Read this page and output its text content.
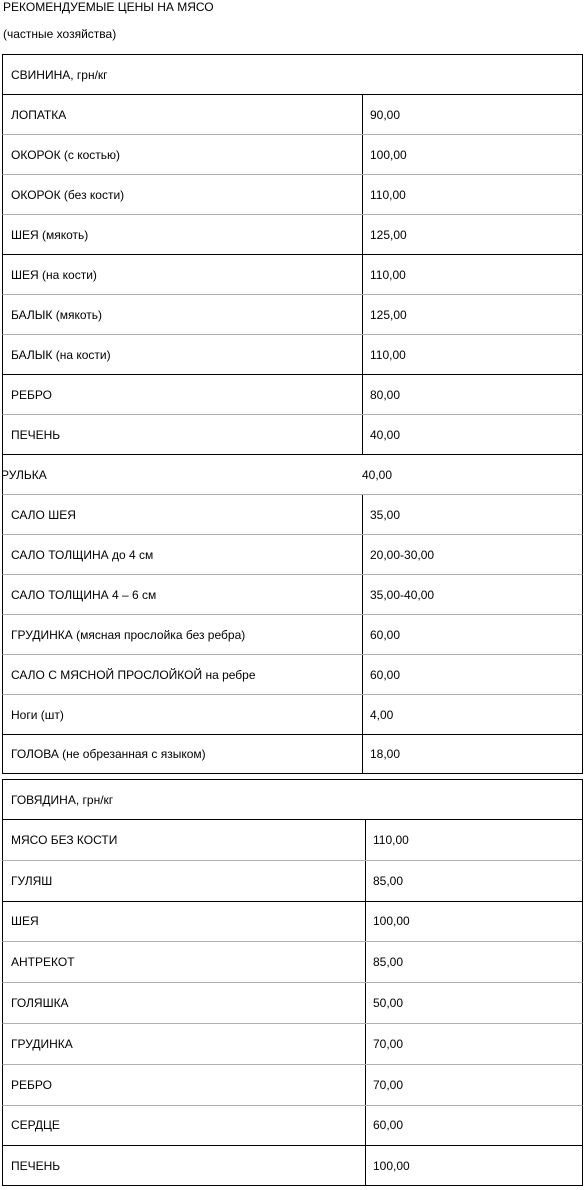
РЕКОМЕНДУЕМЫЕ ЦЕНЫ НА МЯСО
(частные хозяйства)
СВИНИНА, грн/кг
ЛОПАТКА	90,00
ОКОРОК (с костью)	100,00
ОКОРОК (без кости)	110,00
ШЕЯ (мякоть)	125,00
ШЕЯ (на кости)	110,00
БАЛЫК (мякоть)	125,00
БАЛЫК (на кости)	110,00
РЕБРО	80,00
ПЕЧЕНЬ	40,00
РУЛЬКА	40,00
САЛО ШЕЯ	35,00
САЛО ТОЛЩИНА до 4 см	20,00-30,00
САЛО ТОЛЩИНА 4 – 6 см	35,00-40,00
ГРУДИНКА (мясная прослойка без ребра)	60,00
САЛО С МЯСНОЙ ПРОСЛОЙКОЙ на ребре	60,00
Ноги (шт)	4,00
ГОЛОВА (не обрезанная с языком)	18,00
ГОВЯДИНА, грн/кг
МЯСО БЕЗ КОСТИ	110,00
ГУЛЯШ	85,00
ШЕЯ	100,00
АНТРЕКОТ	85,00
ГОЛЯШКА	50,00
ГРУДИНКА	70,00
РЕБРО	70,00
СЕРДЦЕ	60,00
ПЕЧЕНЬ	100,00
